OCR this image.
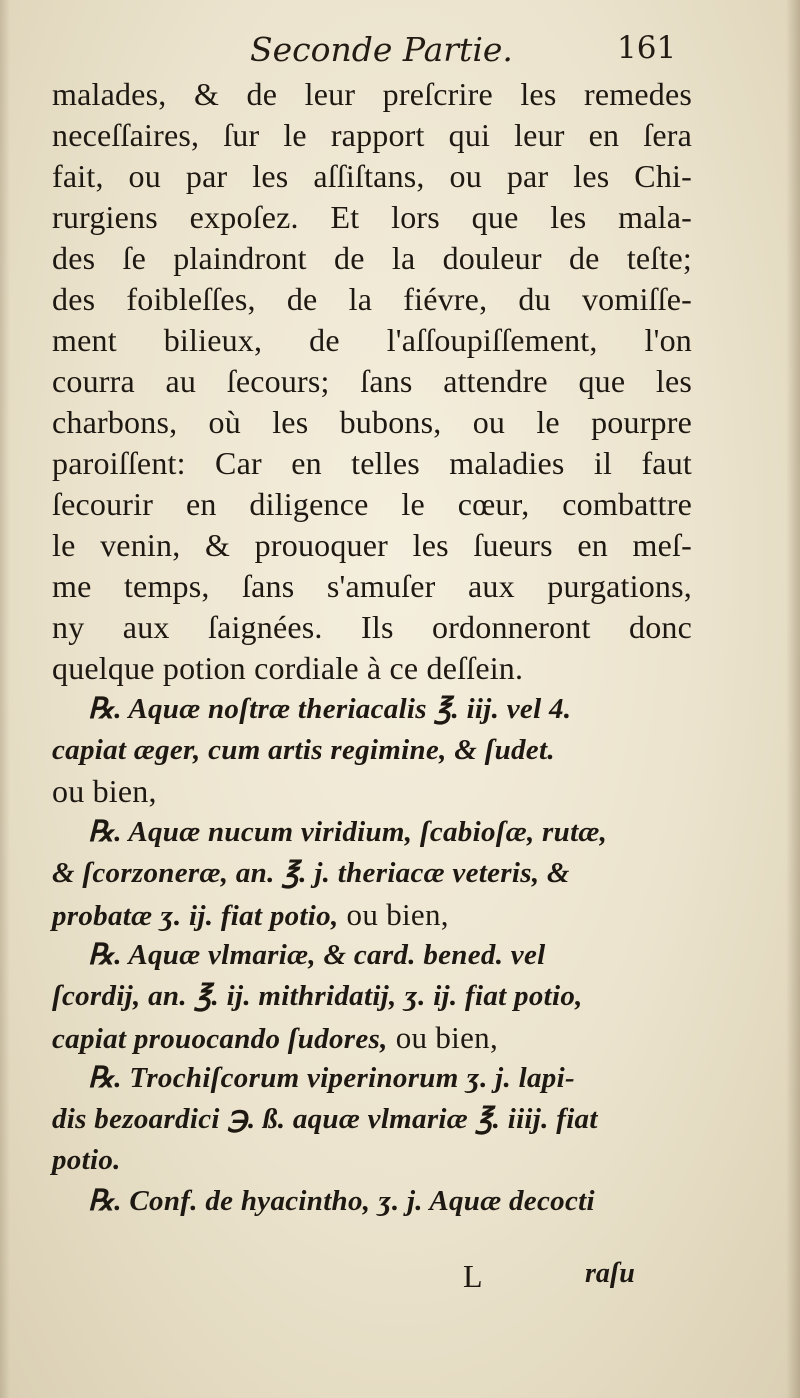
Seconde Partie.	161
malades, & de leur preſcrire les remedes
neceſſaires, ſur le rapport qui leur en ſera
fait, ou par les aſſiſtans, ou par les Chi-
rurgiens expoſez. Et lors que les mala-
des ſe plaindront de la douleur de teſte;
des foibleſſes, de la fiévre, du vomiſſe-
ment bilieux, de l'aſſoupiſſement, l'on
courra au ſecours; ſans attendre que les
charbons, où les bubons, ou le pourpre
paroiſſent: Car en telles maladies il faut
ſecourir en diligence le cœur, combattre
le venin, & prouoquer les ſueurs en meſ-
me temps, ſans s'amuſer aux purgations,
ny aux ſaignées. Ils ordonneront donc
quelque potion cordiale à ce deſſein.
℞. Aquæ noſtræ theriacalis ℥. iij. vel 4.
capiat æger, cum artis regimine, & ſudet.
ou bien,
℞. Aquæ nucum viridium, ſcabioſæ, rutæ,
& ſcorzoneræ, an. ℥. j. theriacæ veteris, &
probatæ ʒ. ij. fiat potio, ou bien,
℞. Aquæ vlmariæ, & card. bened. vel
ſcordij, an. ℥. ij. mithridatij, ʒ. ij. fiat potio,
capiat prouocando ſudores, ou bien,
℞. Trochiſcorum viperinorum ʒ. j. lapi-
dis bezoardici ℈. ß. aquæ vlmariæ ℥. iiij. fiat
potio.
℞. Conf. de hyacintho, ʒ. j. Aquæ decocti
L	raſu
